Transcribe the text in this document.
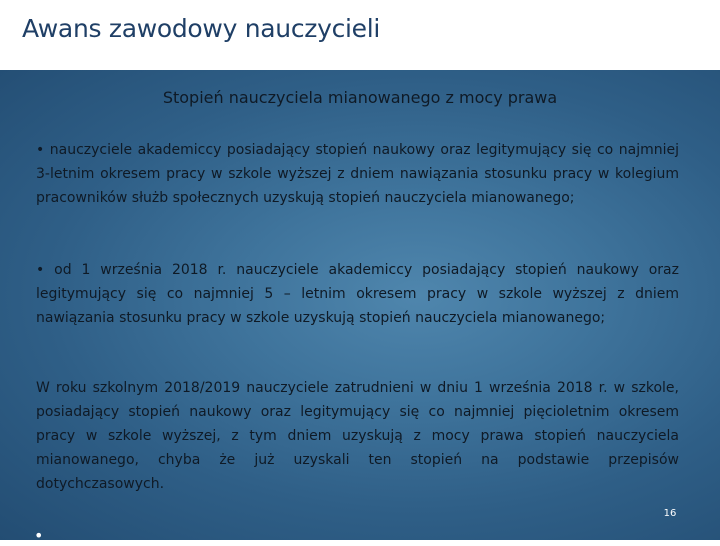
Awans zawodowy nauczycieli
Stopień nauczyciela mianowanego z mocy prawa

• nauczyciele akademiccy posiadający stopień naukowy oraz legitymujący się co najmniej 3-letnim okresem pracy w szkole wyższej z dniem nawiązania stosunku pracy w kolegium pracowników służb społecznych uzyskują stopień nauczyciela mianowanego;

• od 1 września 2018 r. nauczyciele akademiccy posiadający stopień naukowy oraz legitymujący się co najmniej 5 – letnim okresem pracy w szkole wyższej z dniem nawiązania stosunku pracy w szkole uzyskują stopień nauczyciela mianowanego;

W roku szkolnym 2018/2019 nauczyciele zatrudnieni w dniu 1 września 2018 r. w szkole, posiadający stopień naukowy oraz legitymujący się co najmniej pięcioletnim okresem pracy w szkole wyższej, z tym dniem uzyskują z mocy prawa stopień nauczyciela mianowanego, chyba że już uzyskali ten stopień na podstawie przepisów dotychczasowych.

16
•
